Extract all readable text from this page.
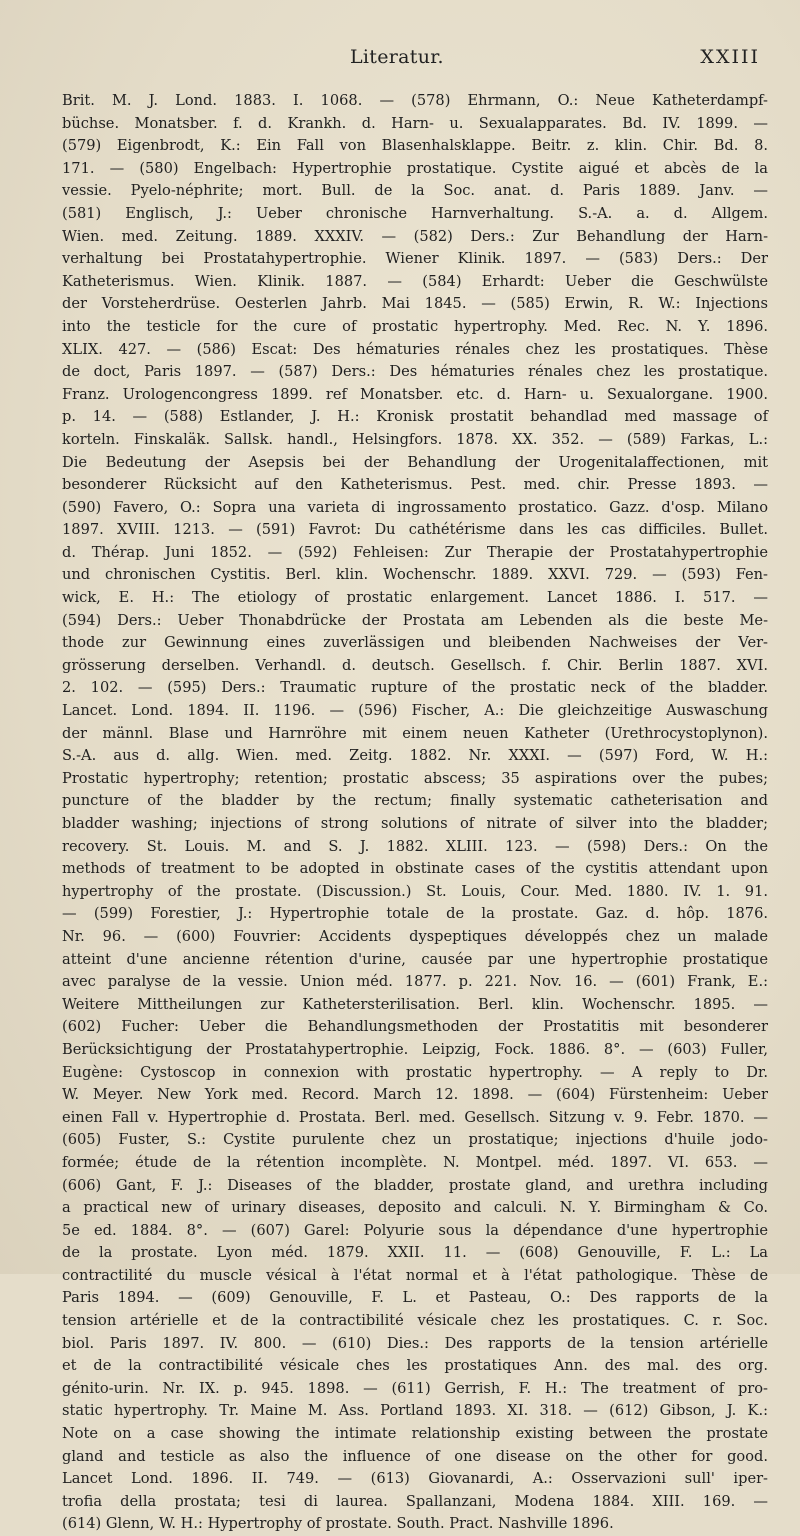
Literatur.	XXIII
Brit. M. J. Lond. 1883. I. 1068. — (578) Ehrmann, O.: Neue Katheterdampf-
büchse. Monatsber. f. d. Krankh. d. Harn- u. Sexualapparates. Bd. IV. 1899. —
(579) Eigenbrodt, K.: Ein Fall von Blasenhalsklappe. Beitr. z. klin. Chir. Bd. 8.
171. — (580) Engelbach: Hypertrophie prostatique. Cystite aigué et abcès de la
vessie. Pyelo-néphrite; mort. Bull. de la Soc. anat. d. Paris 1889. Janv. —
(581) Englisch, J.: Ueber chronische Harnverhaltung. S.-A. a. d. Allgem.
Wien. med. Zeitung. 1889. XXXIV. — (582) Ders.: Zur Behandlung der Harn-
verhaltung bei Prostatahypertrophie. Wiener Klinik. 1897. — (583) Ders.: Der
Katheterismus. Wien. Klinik. 1887. — (584) Erhardt: Ueber die Geschwülste
der Vorsteherdrüse. Oesterlen Jahrb. Mai 1845. — (585) Erwin, R. W.: Injections
into the testicle for the cure of prostatic hypertrophy. Med. Rec. N. Y. 1896.
XLIX. 427. — (586) Escat: Des hématuries rénales chez les prostatiques. Thèse
de doct, Paris 1897. — (587) Ders.: Des hématuries rénales chez les prostatique.
Franz. Urologencongress 1899. ref Monatsber. etc. d. Harn- u. Sexualorgane. 1900.
p. 14. — (588) Estlander, J. H.: Kronisk prostatit behandlad med massage of
korteln. Finskaläk. Sallsk. handl., Helsingfors. 1878. XX. 352. — (589) Farkas, L.:
Die Bedeutung der Asepsis bei der Behandlung der Urogenitalaffectionen, mit
besonderer Rücksicht auf den Katheterismus. Pest. med. chir. Presse 1893. —
(590) Favero, O.: Sopra una varieta di ingrossamento prostatico. Gazz. d'osp. Milano
1897. XVIII. 1213. — (591) Favrot: Du cathétérisme dans les cas difficiles. Bullet.
d. Thérap. Juni 1852. — (592) Fehleisen: Zur Therapie der Prostatahypertrophie
und chronischen Cystitis. Berl. klin. Wochenschr. 1889. XXVI. 729. — (593) Fen-
wick, E. H.: The etiology of prostatic enlargement. Lancet 1886. I. 517. —
(594) Ders.: Ueber Thonabdrücke der Prostata am Lebenden als die beste Me-
thode zur Gewinnung eines zuverlässigen und bleibenden Nachweises der Ver-
grösserung derselben. Verhandl. d. deutsch. Gesellsch. f. Chir. Berlin 1887. XVI.
2. 102. — (595) Ders.: Traumatic rupture of the prostatic neck of the bladder.
Lancet. Lond. 1894. II. 1196. — (596) Fischer, A.: Die gleichzeitige Auswaschung
der männl. Blase und Harnröhre mit einem neuen Katheter (Urethrocystoplynon).
S.-A. aus d. allg. Wien. med. Zeitg. 1882. Nr. XXXI. — (597) Ford, W. H.:
Prostatic hypertrophy; retention; prostatic abscess; 35 aspirations over the pubes;
puncture of the bladder by the rectum; finally systematic catheterisation and
bladder washing; injections of strong solutions of nitrate of silver into the bladder;
recovery. St. Louis. M. and S. J. 1882. XLIII. 123. — (598) Ders.: On the
methods of treatment to be adopted in obstinate cases of the cystitis attendant upon
hypertrophy of the prostate. (Discussion.) St. Louis, Cour. Med. 1880. IV. 1. 91.
— (599) Forestier, J.: Hypertrophie totale de la prostate. Gaz. d. hôp. 1876.
Nr. 96. — (600) Fouvrier: Accidents dyspeptiques développés chez un malade
atteint d'une ancienne rétention d'urine, causée par une hypertrophie prostatique
avec paralyse de la vessie. Union méd. 1877. p. 221. Nov. 16. — (601) Frank, E.:
Weitere Mittheilungen zur Kathetersterilisation. Berl. klin. Wochenschr. 1895. —
(602) Fucher: Ueber die Behandlungsmethoden der Prostatitis mit besonderer
Berücksichtigung der Prostatahypertrophie. Leipzig, Fock. 1886. 8°. — (603) Fuller,
Eugène: Cystoscop in connexion with prostatic hypertrophy. — A reply to Dr.
W. Meyer. New York med. Record. March 12. 1898. — (604) Fürstenheim: Ueber
einen Fall v. Hypertrophie d. Prostata. Berl. med. Gesellsch. Sitzung v. 9. Febr. 1870. —
(605) Fuster, S.: Cystite purulente chez un prostatique; injections d'huile jodo-
formée; étude de la rétention incomplète. N. Montpel. méd. 1897. VI. 653. —
(606) Gant, F. J.: Diseases of the bladder, prostate gland, and urethra including
a practical new of urinary diseases, deposito and calculi. N. Y. Birmingham & Co.
5e ed. 1884. 8°. — (607) Garel: Polyurie sous la dépendance d'une hypertrophie
de la prostate. Lyon méd. 1879. XXII. 11. — (608) Genouville, F. L.: La
contractilité du muscle vésical à l'état normal et à l'état pathologique. Thèse de
Paris 1894. — (609) Genouville, F. L. et Pasteau, O.: Des rapports de la
tension artérielle et de la contractibilité vésicale chez les prostatiques. C. r. Soc.
biol. Paris 1897. IV. 800. — (610) Dies.: Des rapports de la tension artérielle
et de la contractibilité vésicale ches les prostatiques Ann. des mal. des org.
génito-urin. Nr. IX. p. 945. 1898. — (611) Gerrish, F. H.: The treatment of pro-
static hypertrophy. Tr. Maine M. Ass. Portland 1893. XI. 318. — (612) Gibson, J. K.:
Note on a case showing the intimate relationship existing between the prostate
gland and testicle as also the influence of one disease on the other for good.
Lancet Lond. 1896. II. 749. — (613) Giovanardi, A.: Osservazioni sull' iper-
trofia della prostata; tesi di laurea. Spallanzani, Modena 1884. XIII. 169. —
(614) Glenn, W. H.: Hypertrophy of prostate. South. Pract. Nashville 1896.
